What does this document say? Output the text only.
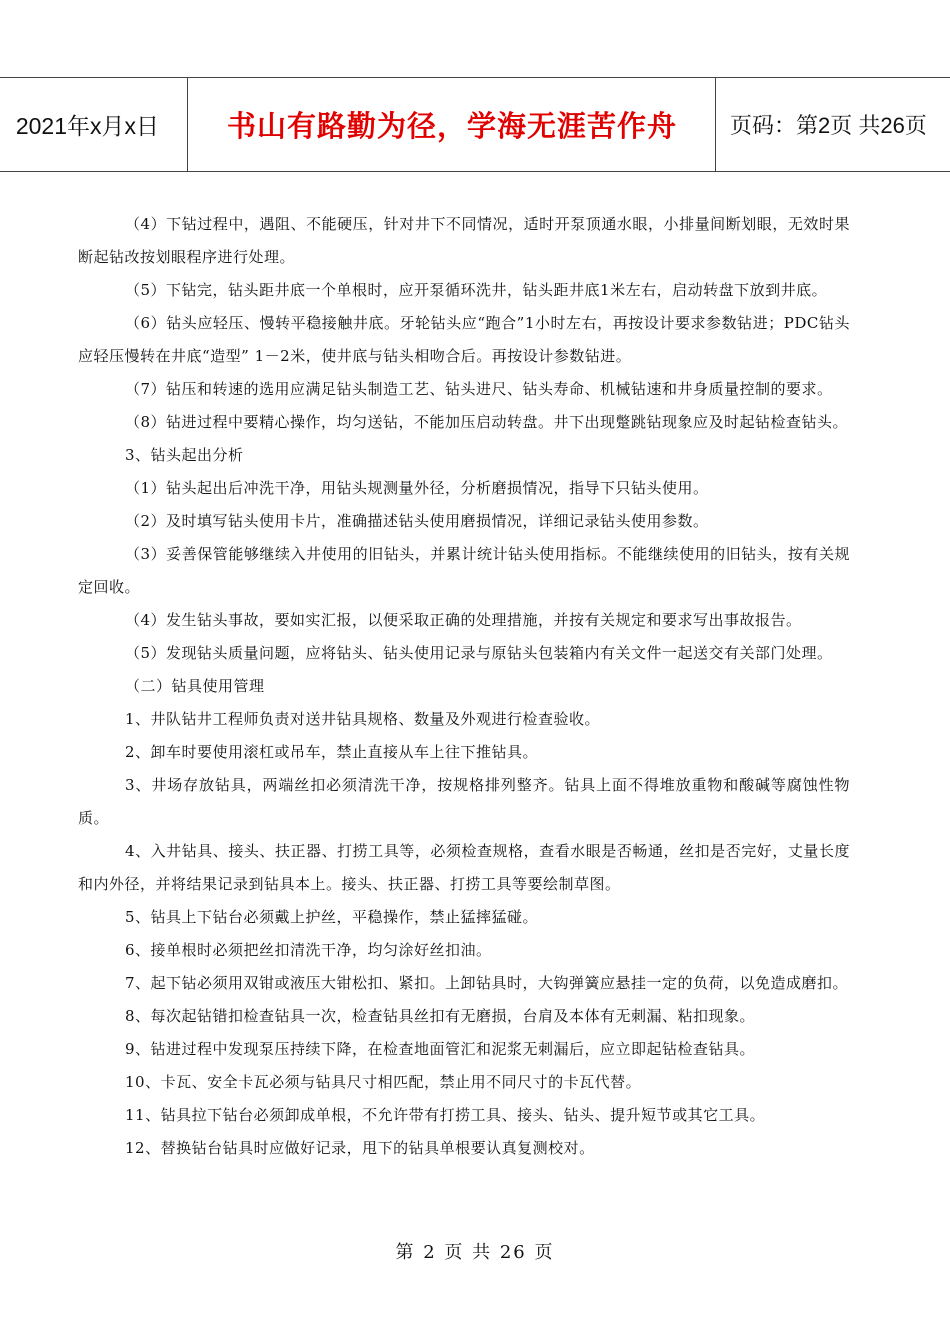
2021年x月x日 书山有路勤为径，学海无涯苦作舟 页码：第2页 共26页

（4）下钻过程中，遇阻、不能硬压，针对井下不同情况，适时开泵顶通水眼，小排量间断划眼，无效时果断起钻改按划眼程序进行处理。

（5）下钻完，钻头距井底一个单根时，应开泵循环洗井，钻头距井底1米左右，启动转盘下放到井底。

（6）钻头应轻压、慢转平稳接触井底。牙轮钻头应“跑合”1小时左右，再按设计要求参数钻进；PDC钻头应轻压慢转在井底“造型” 1－2米，使井底与钻头相吻合后。再按设计参数钻进。

（7）钻压和转速的选用应满足钻头制造工艺、钻头进尺、钻头寿命、机械钻速和井身质量控制的要求。

（8）钻进过程中要精心操作，均匀送钻，不能加压启动转盘。井下出现蹩跳钻现象应及时起钻检查钻头。

3、钻头起出分析

（1）钻头起出后冲洗干净，用钻头规测量外径，分析磨损情况，指导下只钻头使用。

（2）及时填写钻头使用卡片，准确描述钻头使用磨损情况，详细记录钻头使用参数。

（3）妥善保管能够继续入井使用的旧钻头，并累计统计钻头使用指标。不能继续使用的旧钻头，按有关规定回收。

（4）发生钻头事故，要如实汇报，以便采取正确的处理措施，并按有关规定和要求写出事故报告。

（5）发现钻头质量问题，应将钻头、钻头使用记录与原钻头包装箱内有关文件一起送交有关部门处理。

（二）钻具使用管理

1、井队钻井工程师负责对送井钻具规格、数量及外观进行检查验收。

2、卸车时要使用滚杠或吊车，禁止直接从车上往下推钻具。

3、井场存放钻具，两端丝扣必须清洗干净，按规格排列整齐。钻具上面不得堆放重物和酸碱等腐蚀性物质。

4、入井钻具、接头、扶正器、打捞工具等，必须检查规格，查看水眼是否畅通，丝扣是否完好，丈量长度和内外径，并将结果记录到钻具本上。接头、扶正器、打捞工具等要绘制草图。

5、钻具上下钻台必须戴上护丝，平稳操作，禁止猛摔猛碰。

6、接单根时必须把丝扣清洗干净，均匀涂好丝扣油。

7、起下钻必须用双钳或液压大钳松扣、紧扣。上卸钻具时，大钩弹簧应悬挂一定的负荷，以免造成磨扣。

8、每次起钻错扣检查钻具一次，检查钻具丝扣有无磨损，台肩及本体有无刺漏、粘扣现象。

9、钻进过程中发现泵压持续下降，在检查地面管汇和泥浆无刺漏后，应立即起钻检查钻具。

10、卡瓦、安全卡瓦必须与钻具尺寸相匹配，禁止用不同尺寸的卡瓦代替。

11、钻具拉下钻台必须卸成单根，不允许带有打捞工具、接头、钻头、提升短节或其它工具。

12、替换钻台钻具时应做好记录，甩下的钻具单根要认真复测校对。

第 2 页 共 26 页
